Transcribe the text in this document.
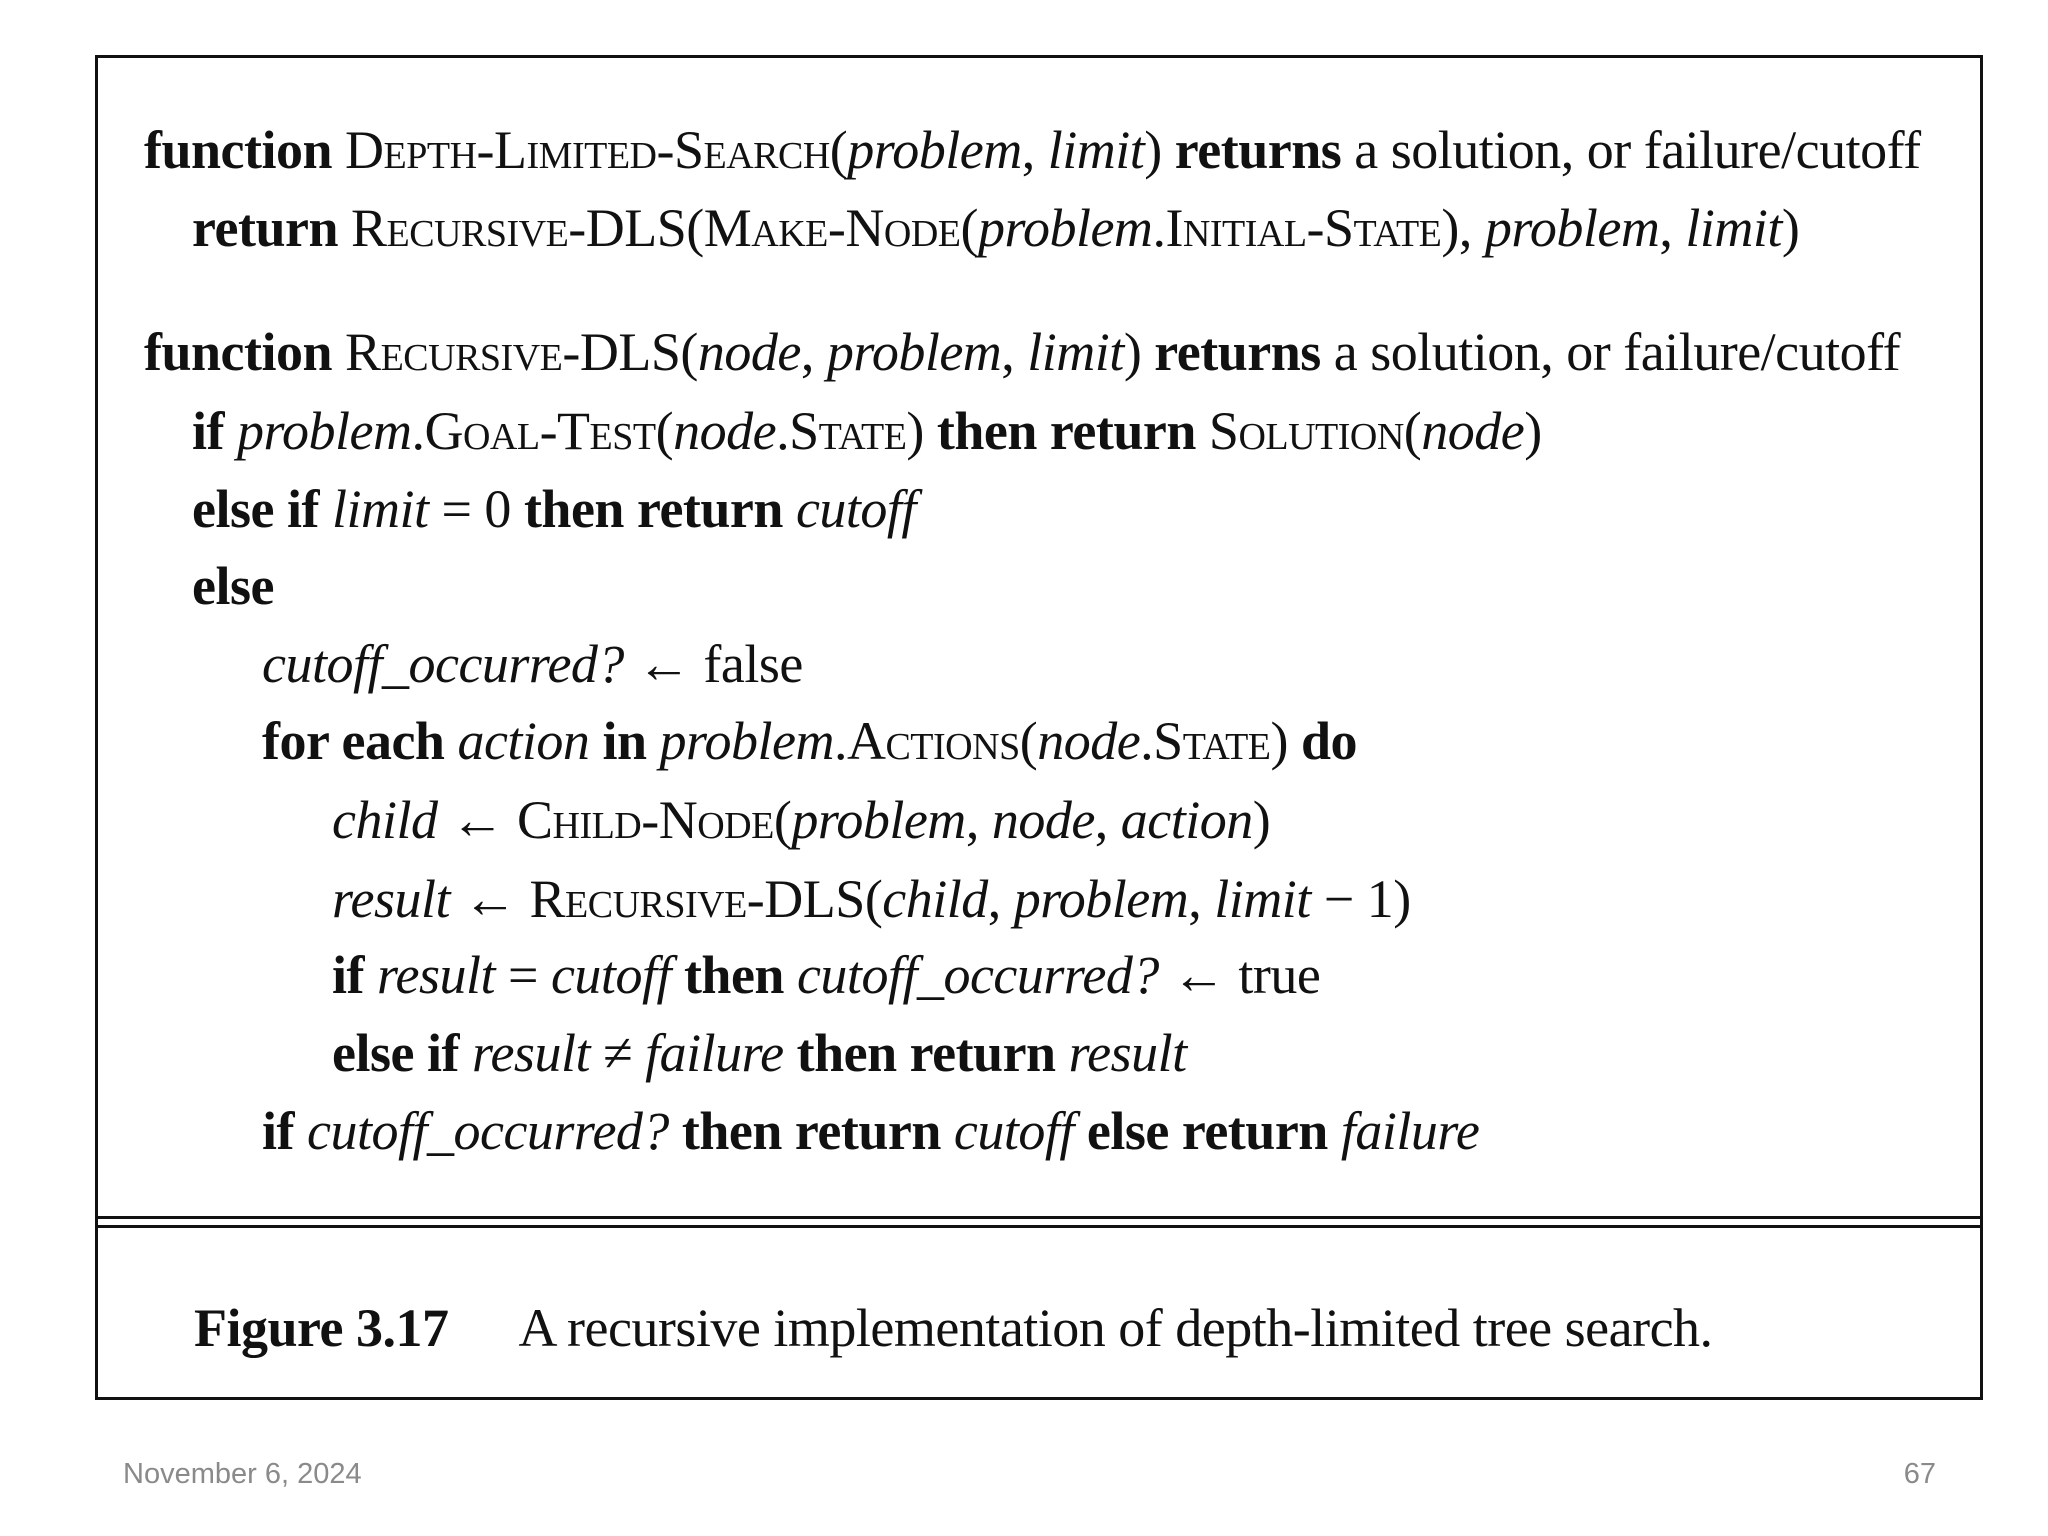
function Depth-Limited-Search(problem, limit) returns a solution, or failure/cutoff
return Recursive-DLS(Make-Node(problem.Initial-State), problem, limit)
function Recursive-DLS(node, problem, limit) returns a solution, or failure/cutoff
if problem.Goal-Test(node.State) then return Solution(node)
else if limit = 0 then return cutoff
else
cutoff_occurred? ← false
for each action in problem.Actions(node.State) do
child ← Child-Node(problem, node, action)
result ← Recursive-DLS(child, problem, limit − 1)
if result = cutoff then cutoff_occurred? ← true
else if result ≠ failure then return result
if cutoff_occurred? then return cutoff else return failure
Figure 3.17 A recursive implementation of depth-limited tree search.
November 6, 2024	67
